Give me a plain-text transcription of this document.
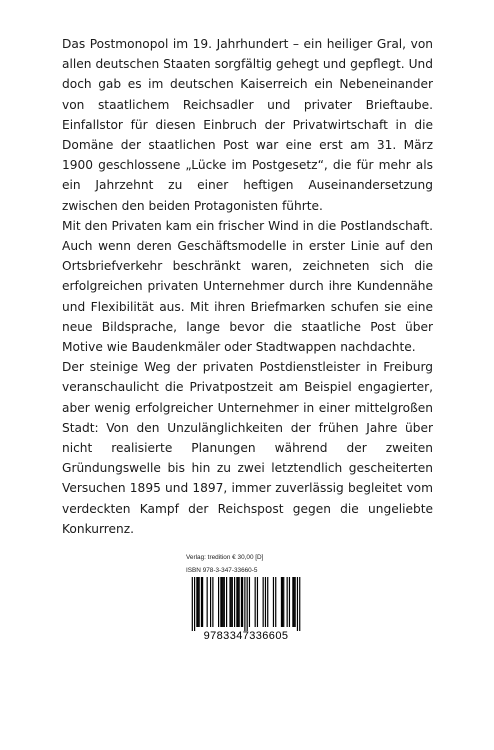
Das Postmonopol im 19. Jahrhundert – ein heiliger Gral, von allen deutschen Staaten sorgfältig gehegt und gepflegt. Und doch gab es im deutschen Kaiserreich ein Nebeneinander von staatlichem Reichsadler und privater Brieftaube. Einfallstor für diesen Einbruch der Privatwirtschaft in die Domäne der staatlichen Post war eine erst am 31. März 1900 geschlossene „Lücke im Postgesetz“, die für mehr als ein Jahrzehnt zu einer heftigen Auseinandersetzung zwischen den beiden Protagonisten führte.

Mit den Privaten kam ein frischer Wind in die Postlandschaft. Auch wenn deren Geschäftsmodelle in erster Linie auf den Ortsbriefverkehr beschränkt waren, zeichneten sich die erfolgreichen privaten Unternehmer durch ihre Kundennähe und Flexibilität aus. Mit ihren Briefmarken schufen sie eine neue Bildsprache, lange bevor die staatliche Post über Motive wie Baudenkmäler oder Stadtwappen nachdachte.

Der steinige Weg der privaten Postdienstleister in Freiburg veranschaulicht die Privatpostzeit am Beispiel engagierter, aber wenig erfolgreicher Unternehmer in einer mittelgroßen Stadt: Von den Unzulänglichkeiten der frühen Jahre über nicht realisierte Planungen während der zweiten Gründungswelle bis hin zu zwei letztendlich gescheiterten Versuchen 1895 und 1897, immer zuverlässig begleitet vom verdeckten Kampf der Reichspost gegen die ungeliebte Konkurrenz.

Verlag: tredition € 30,00 [D]
ISBN 978-3-347-33660-5
9783347336605
